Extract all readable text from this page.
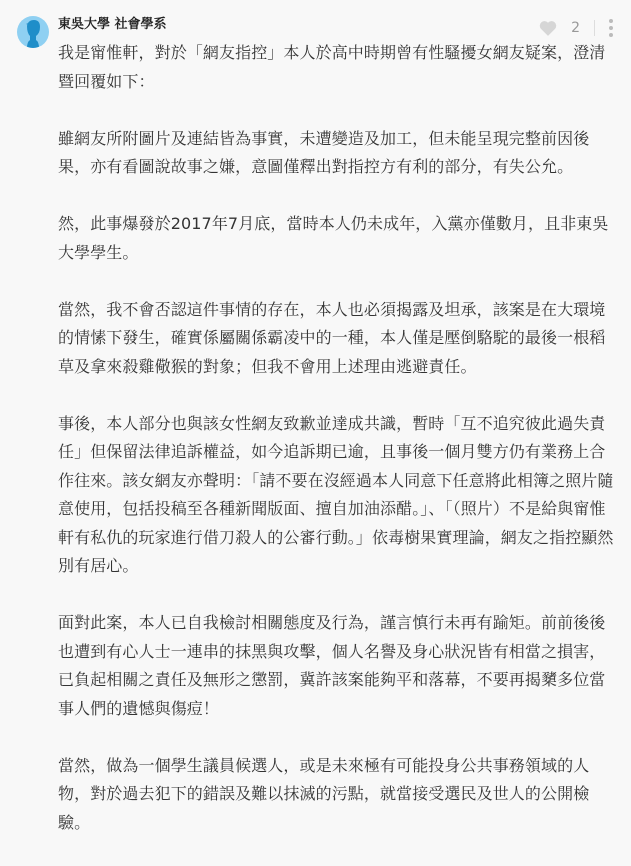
東吳大學 社會學系	2

我是甯惟軒，對於「網友指控」本人於高中時期曾有性騷擾女網友疑案，澄清暨回覆如下：

雖網友所附圖片及連結皆為事實，未遭變造及加工，但未能呈現完整前因後果，亦有看圖說故事之嫌，意圖僅釋出對指控方有利的部分，有失公允。

然，此事爆發於2017年7月底，當時本人仍未成年，入黨亦僅數月，且非東吳大學學生。

當然，我不會否認這件事情的存在，本人也必須揭露及坦承，該案是在大環境的情愫下發生，確實係屬關係霸凌中的一種，本人僅是壓倒駱駝的最後一根稻草及拿來殺雞儆猴的對象；但我不會用上述理由逃避責任。

事後，本人部分也與該女性網友致歉並達成共識，暫時「互不追究彼此過失責任」但保留法律追訴權益，如今追訴期已逾，且事後一個月雙方仍有業務上合作往來。該女網友亦聲明：「請不要在沒經過本人同意下任意將此相簿之照片隨意使用，包括投稿至各種新聞版面、擅自加油添醋。」、「（照片）不是給與甯惟軒有私仇的玩家進行借刀殺人的公審行動。」依毒樹果實理論，網友之指控顯然別有居心。

面對此案，本人已自我檢討相關態度及行為，謹言慎行未再有踰矩。前前後後也遭到有心人士一連串的抹黑與攻擊，個人名譽及身心狀況皆有相當之損害，已負起相關之責任及無形之懲罰，冀許該案能夠平和落幕，不要再揭櫫多位當事人們的遺憾與傷痘！

當然，做為一個學生議員候選人，或是未來極有可能投身公共事務領域的人物，對於過去犯下的錯誤及難以抹滅的污點，就當接受選民及世人的公開檢驗。
